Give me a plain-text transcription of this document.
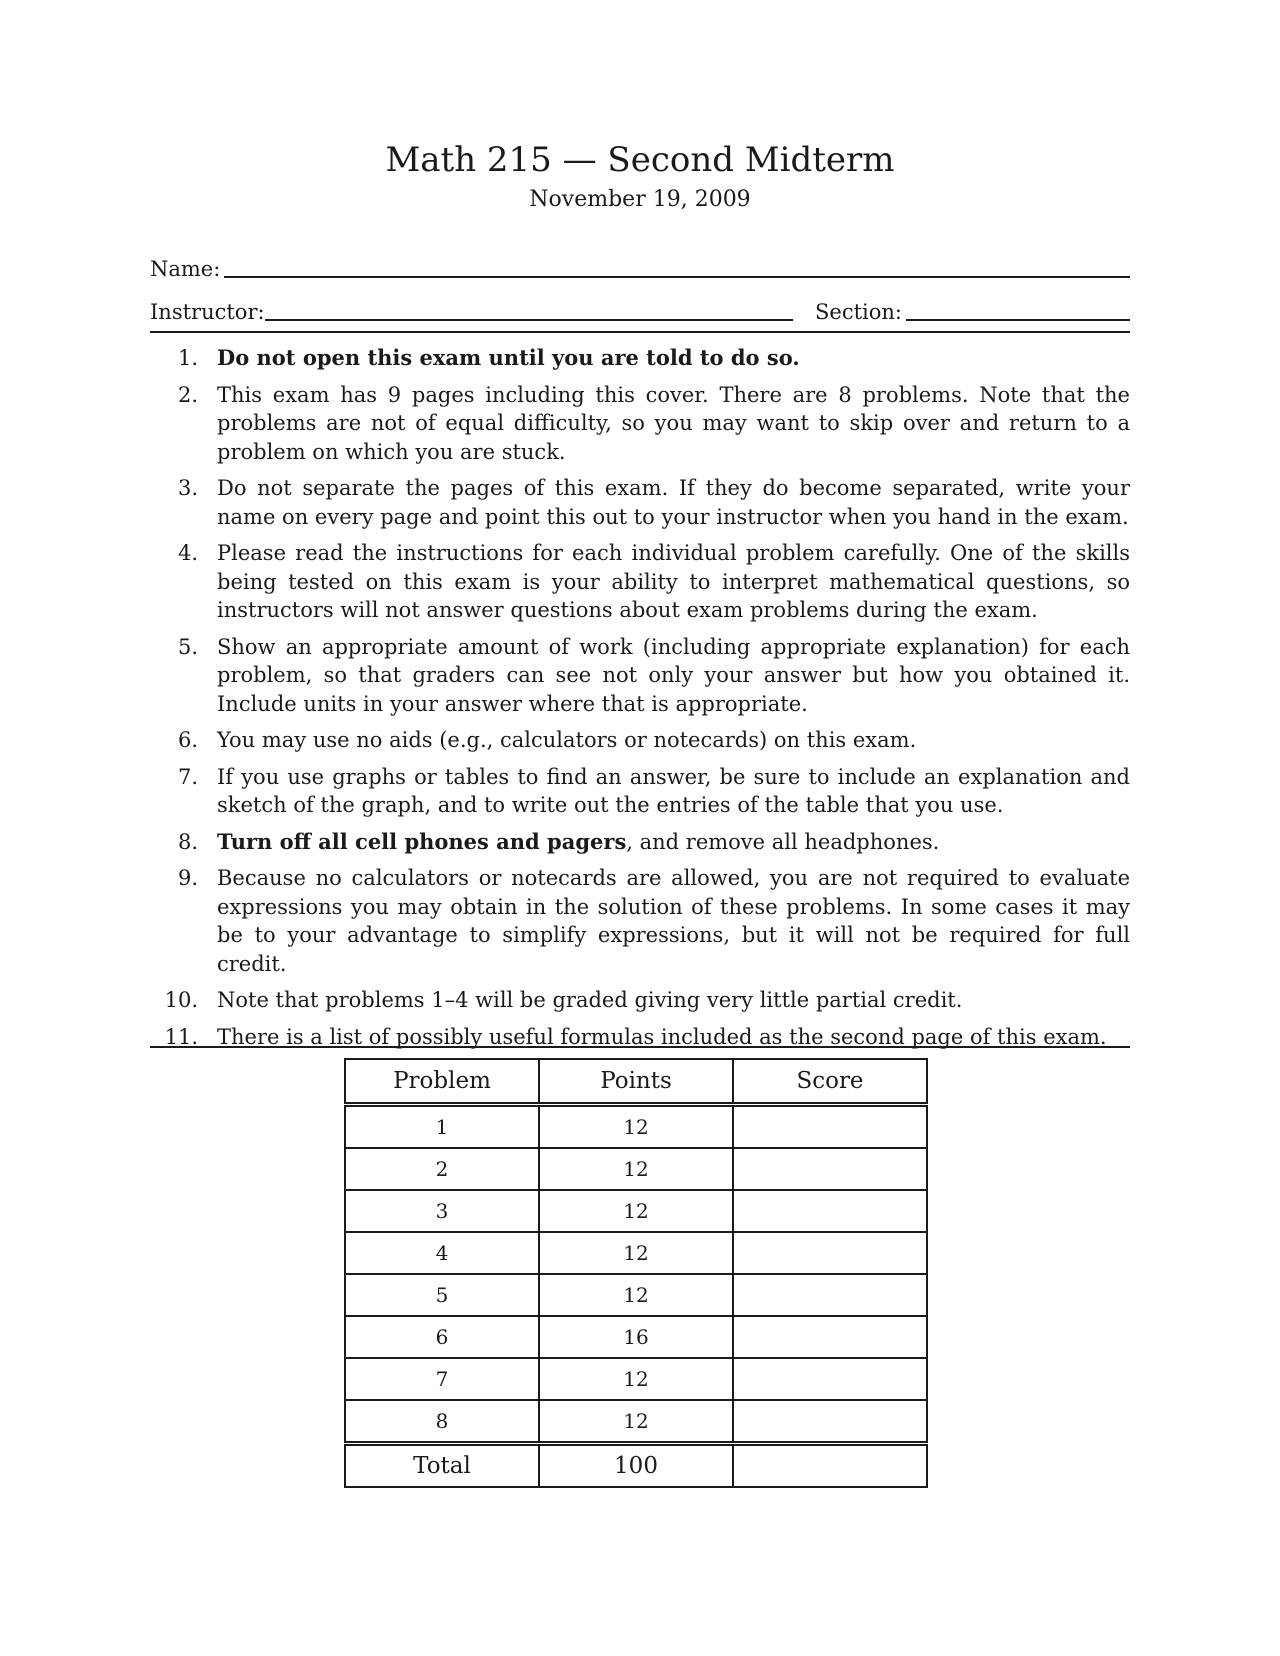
Math 215 — Second Midterm
November 19, 2009
Name:
Instructor:	Section:
1. Do not open this exam until you are told to do so.
2. This exam has 9 pages including this cover. There are 8 problems. Note that the problems are not of equal difficulty, so you may want to skip over and return to a problem on which you are stuck.
3. Do not separate the pages of this exam. If they do become separated, write your name on every page and point this out to your instructor when you hand in the exam.
4. Please read the instructions for each individual problem carefully. One of the skills being tested on this exam is your ability to interpret mathematical questions, so instructors will not answer questions about exam problems during the exam.
5. Show an appropriate amount of work (including appropriate explanation) for each problem, so that graders can see not only your answer but how you obtained it. Include units in your answer where that is appropriate.
6. You may use no aids (e.g., calculators or notecards) on this exam.
7. If you use graphs or tables to find an answer, be sure to include an explanation and sketch of the graph, and to write out the entries of the table that you use.
8. Turn off all cell phones and pagers, and remove all headphones.
9. Because no calculators or notecards are allowed, you are not required to evaluate expressions you may obtain in the solution of these problems. In some cases it may be to your advantage to simplify expressions, but it will not be required for full credit.
10. Note that problems 1–4 will be graded giving very little partial credit.
11. There is a list of possibly useful formulas included as the second page of this exam.
Problem	Points	Score
1	12	
2	12	
3	12	
4	12	
5	12	
6	16	
7	12	
8	12	
Total	100	
